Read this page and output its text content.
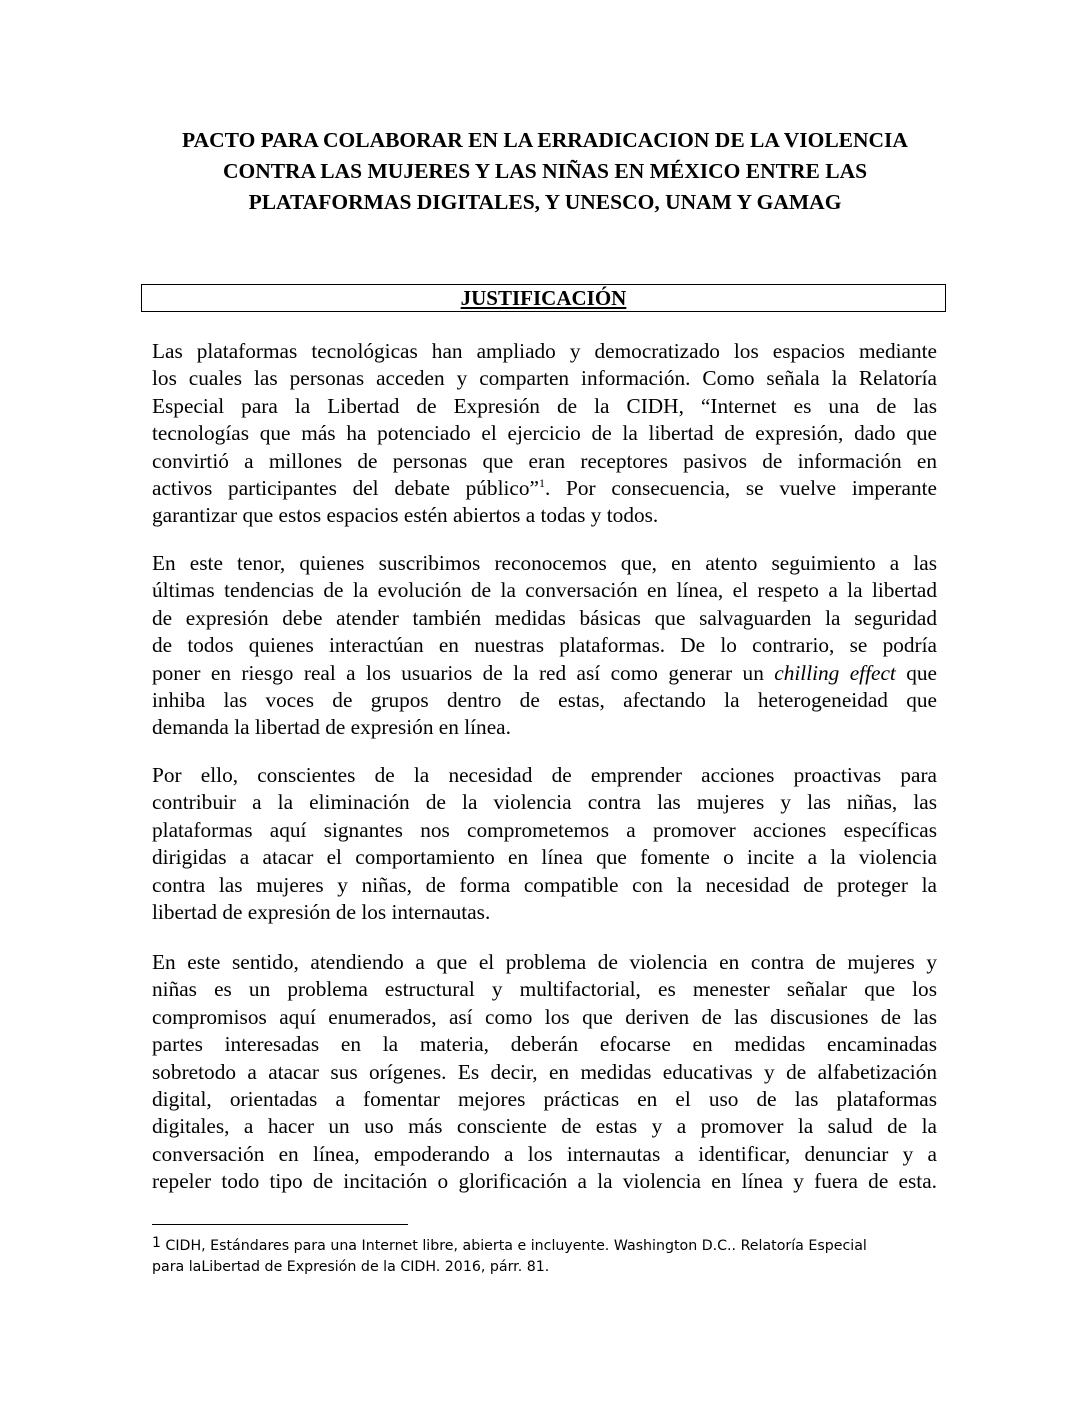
PACTO PARA COLABORAR EN LA ERRADICACION DE LA VIOLENCIA
CONTRA LAS MUJERES Y LAS NIÑAS EN MÉXICO ENTRE LAS
PLATAFORMAS DIGITALES, Y UNESCO, UNAM Y GAMAG
JUSTIFICACIÓN
Las plataformas tecnológicas han ampliado y democratizado los espacios mediante
los cuales las personas acceden y comparten información. Como señala la Relatoría
Especial para la Libertad de Expresión de la CIDH, “Internet es una de las
tecnologías que más ha potenciado el ejercicio de la libertad de expresión, dado que
convirtió a millones de personas que eran receptores pasivos de información en
activos participantes del debate público”$^1$. Por consecuencia, se vuelve imperante
garantizar que estos espacios estén abiertos a todas y todos.
En este tenor, quienes suscribimos reconocemos que, en atento seguimiento a las
últimas tendencias de la evolución de la conversación en línea, el respeto a la libertad
de expresión debe atender también medidas básicas que salvaguarden la seguridad
de todos quienes interactúan en nuestras plataformas. De lo contrario, se podría
poner en riesgo real a los usuarios de la red así como generar un chilling effect que
inhiba las voces de grupos dentro de estas, afectando la heterogeneidad que
demanda la libertad de expresión en línea.
Por ello, conscientes de la necesidad de emprender acciones proactivas para
contribuir a la eliminación de la violencia contra las mujeres y las niñas, las
plataformas aquí signantes nos comprometemos a promover acciones específicas
dirigidas a atacar el comportamiento en línea que fomente o incite a la violencia
contra las mujeres y niñas, de forma compatible con la necesidad de proteger la
libertad de expresión de los internautas.
En este sentido, atendiendo a que el problema de violencia en contra de mujeres y
niñas es un problema estructural y multifactorial, es menester señalar que los
compromisos aquí enumerados, así como los que deriven de las discusiones de las
partes interesadas en la materia, deberán efocarse en medidas encaminadas
sobretodo a atacar sus orígenes. Es decir, en medidas educativas y de alfabetización
digital, orientadas a fomentar mejores prácticas en el uso de las plataformas
digitales, a hacer un uso más consciente de estas y a promover la salud de la
conversación en línea, empoderando a los internautas a identificar, denunciar y a
repeler todo tipo de incitación o glorificación a la violencia en línea y fuera de esta.
1 CIDH, Estándares para una Internet libre, abierta e incluyente. Washington D.C.. Relatoría Especial
para laLibertad de Expresión de la CIDH. 2016, párr. 81.
